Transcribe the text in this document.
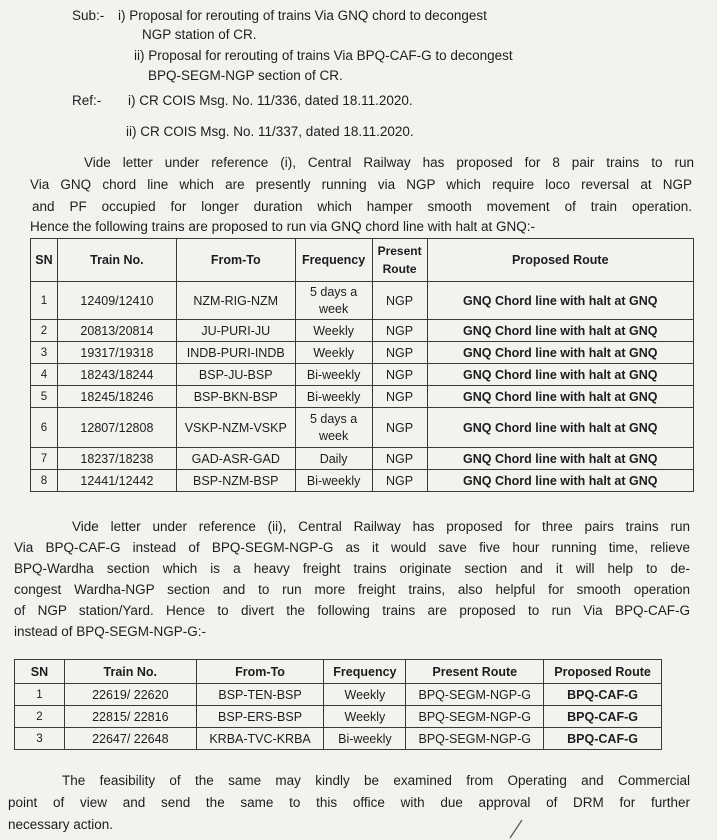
Sub:- i) Proposal for rerouting of trains Via GNQ chord to decongest
NGP station of CR.
ii) Proposal for rerouting of trains Via BPQ-CAF-G to decongest
BPQ-SEGM-NGP section of CR.
Ref:- i) CR COIS Msg. No. 11/336, dated 18.11.2020.
ii) CR COIS Msg. No. 11/337, dated 18.11.2020.
Vide letter under reference (i), Central Railway has proposed for 8 pair trains to run
Via GNQ chord line which are presently running via NGP which require loco reversal at NGP
and PF occupied for longer duration which hamper smooth movement of train operation.
Hence the following trains are proposed to run via GNQ chord line with halt at GNQ:-
SN	Train No.	From-To	Frequency	Present Route	Proposed Route
1	12409/12410	NZM-RIG-NZM	5 days a week	NGP	GNQ Chord line with halt at GNQ
2	20813/20814	JU-PURI-JU	Weekly	NGP	GNQ Chord line with halt at GNQ
3	19317/19318	INDB-PURI-INDB	Weekly	NGP	GNQ Chord line with halt at GNQ
4	18243/18244	BSP-JU-BSP	Bi-weekly	NGP	GNQ Chord line with halt at GNQ
5	18245/18246	BSP-BKN-BSP	Bi-weekly	NGP	GNQ Chord line with halt at GNQ
6	12807/12808	VSKP-NZM-VSKP	5 days a week	NGP	GNQ Chord line with halt at GNQ
7	18237/18238	GAD-ASR-GAD	Daily	NGP	GNQ Chord line with halt at GNQ
8	12441/12442	BSP-NZM-BSP	Bi-weekly	NGP	GNQ Chord line with halt at GNQ
Vide letter under reference (ii), Central Railway has proposed for three pairs trains run
Via BPQ-CAF-G instead of BPQ-SEGM-NGP-G as it would save five hour running time, relieve
BPQ-Wardha section which is a heavy freight trains originate section and it will help to de-
congest Wardha-NGP section and to run more freight trains, also helpful for smooth operation
of NGP station/Yard. Hence to divert the following trains are proposed to run Via BPQ-CAF-G
instead of BPQ-SEGM-NGP-G:-
SN	Train No.	From-To	Frequency	Present Route	Proposed Route
1	22619/ 22620	BSP-TEN-BSP	Weekly	BPQ-SEGM-NGP-G	BPQ-CAF-G
2	22815/ 22816	BSP-ERS-BSP	Weekly	BPQ-SEGM-NGP-G	BPQ-CAF-G
3	22647/ 22648	KRBA-TVC-KRBA	Bi-weekly	BPQ-SEGM-NGP-G	BPQ-CAF-G
The feasibility of the same may kindly be examined from Operating and Commercial
point of view and send the same to this office with due approval of DRM for further
necessary action.
